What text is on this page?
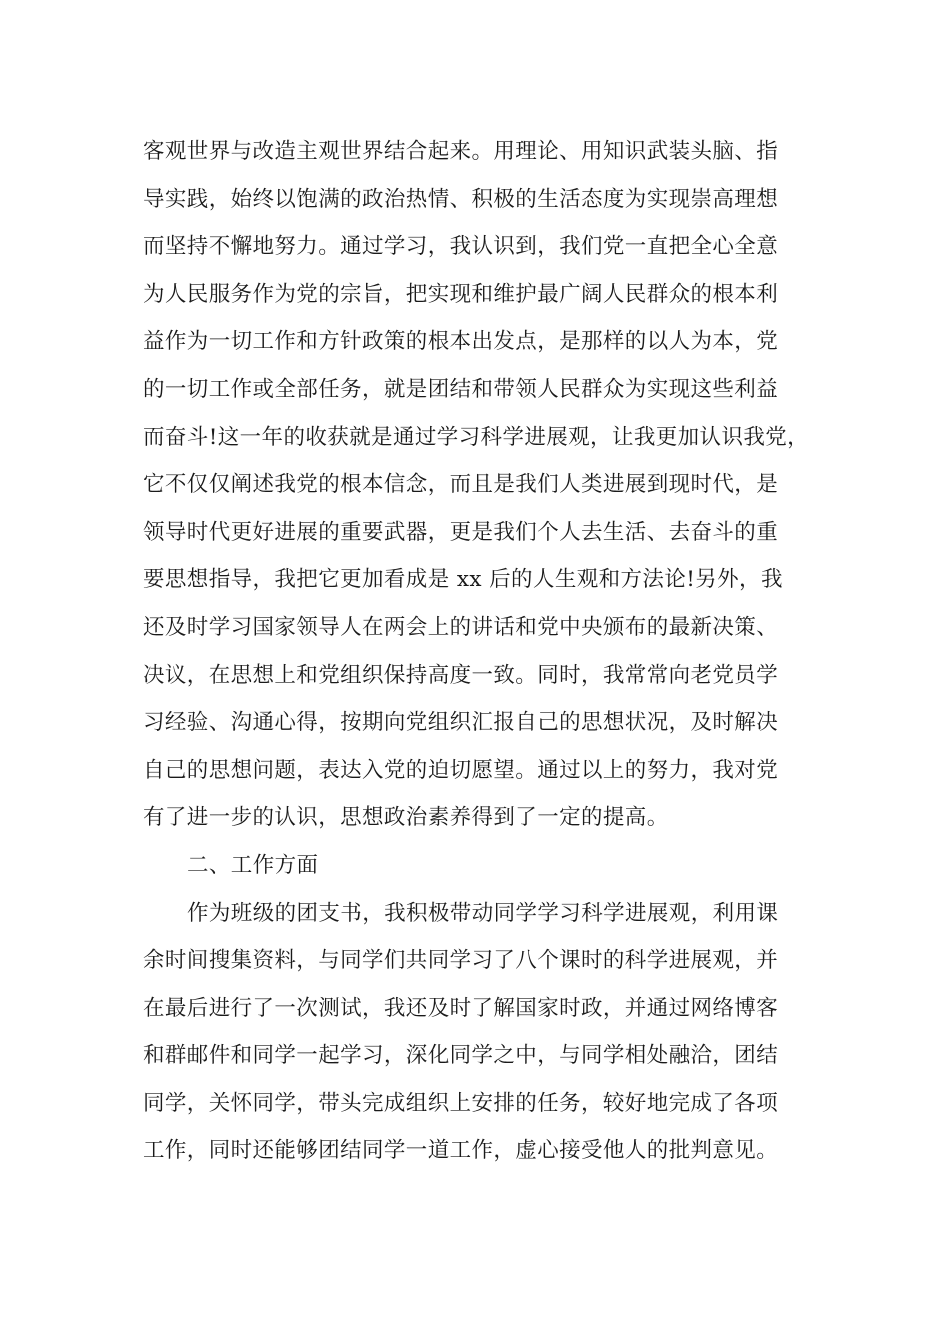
客观世界与改造主观世界结合起来。用理论、用知识武装头脑、指
导实践，始终以饱满的政治热情、积极的生活态度为实现崇高理想
而坚持不懈地努力。通过学习，我认识到，我们党一直把全心全意
为人民服务作为党的宗旨，把实现和维护最广阔人民群众的根本利
益作为一切工作和方针政策的根本出发点，是那样的以人为本，党
的一切工作或全部任务，就是团结和带领人民群众为实现这些利益
而奋斗!这一年的收获就是通过学习科学进展观，让我更加认识我党，
它不仅仅阐述我党的根本信念，而且是我们人类进展到现时代，是
领导时代更好进展的重要武器，更是我们个人去生活、去奋斗的重
要思想指导，我把它更加看成是 xx 后的人生观和方法论!另外，我
还及时学习国家领导人在两会上的讲话和党中央颁布的最新决策、
决议，在思想上和党组织保持高度一致。同时，我常常向老党员学
习经验、沟通心得，按期向党组织汇报自己的思想状况，及时解决
自己的思想问题，表达入党的迫切愿望。通过以上的努力，我对党
有了进一步的认识，思想政治素养得到了一定的提高。
二、工作方面
作为班级的团支书，我积极带动同学学习科学进展观，利用课
余时间搜集资料，与同学们共同学习了八个课时的科学进展观，并
在最后进行了一次测试，我还及时了解国家时政，并通过网络博客
和群邮件和同学一起学习，深化同学之中，与同学相处融洽，团结
同学，关怀同学，带头完成组织上安排的任务，较好地完成了各项
工作，同时还能够团结同学一道工作，虚心接受他人的批判意见。
